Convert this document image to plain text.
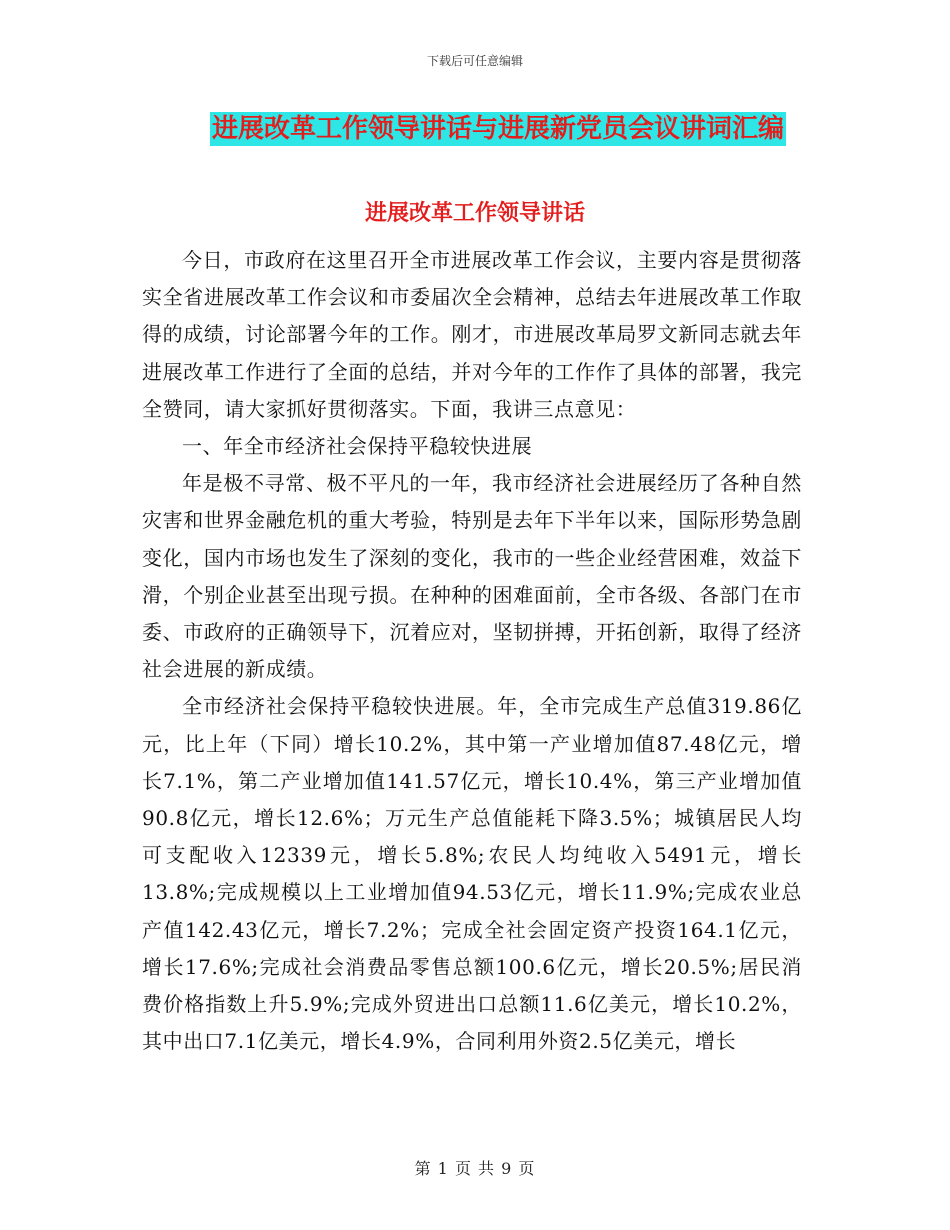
下载后可任意编辑
进展改革工作领导讲话与进展新党员会议讲词汇编
进展改革工作领导讲话

今日，市政府在这里召开全市进展改革工作会议，主要内容是贯彻落实全省进展改革工作会议和市委届次全会精神，总结去年进展改革工作取得的成绩，讨论部署今年的工作。刚才，市进展改革局罗文新同志就去年进展改革工作进行了全面的总结，并对今年的工作作了具体的部署，我完全赞同，请大家抓好贯彻落实。下面，我讲三点意见：

一、年全市经济社会保持平稳较快进展

年是极不寻常、极不平凡的一年，我市经济社会进展经历了各种自然灾害和世界金融危机的重大考验，特别是去年下半年以来，国际形势急剧变化，国内市场也发生了深刻的变化，我市的一些企业经营困难，效益下滑，个别企业甚至出现亏损。在种种的困难面前，全市各级、各部门在市委、市政府的正确领导下，沉着应对，坚韧拼搏，开拓创新，取得了经济社会进展的新成绩。

全市经济社会保持平稳较快进展。年，全市完成生产总值319.86亿元，比上年（下同）增长10.2%，其中第一产业增加值87.48亿元，增长7.1%，第二产业增加值141.57亿元，增长10.4%，第三产业增加值90.8亿元，增长12.6%；万元生产总值能耗下降3.5%；城镇居民人均可支配收入12339元，增长5.8%;农民人均纯收入5491元，增长13.8%;完成规模以上工业增加值94.53亿元，增长11.9%;完成农业总产值142.43亿元，增长7.2%；完成全社会固定资产投资164.1亿元，增长17.6%;完成社会消费品零售总额100.6亿元，增长20.5%;居民消费价格指数上升5.9%;完成外贸进出口总额11.6亿美元，增长10.2%，其中出口7.1亿美元，增长4.9%，合同利用外资2.5亿美元，增长

第 1 页 共 9 页
